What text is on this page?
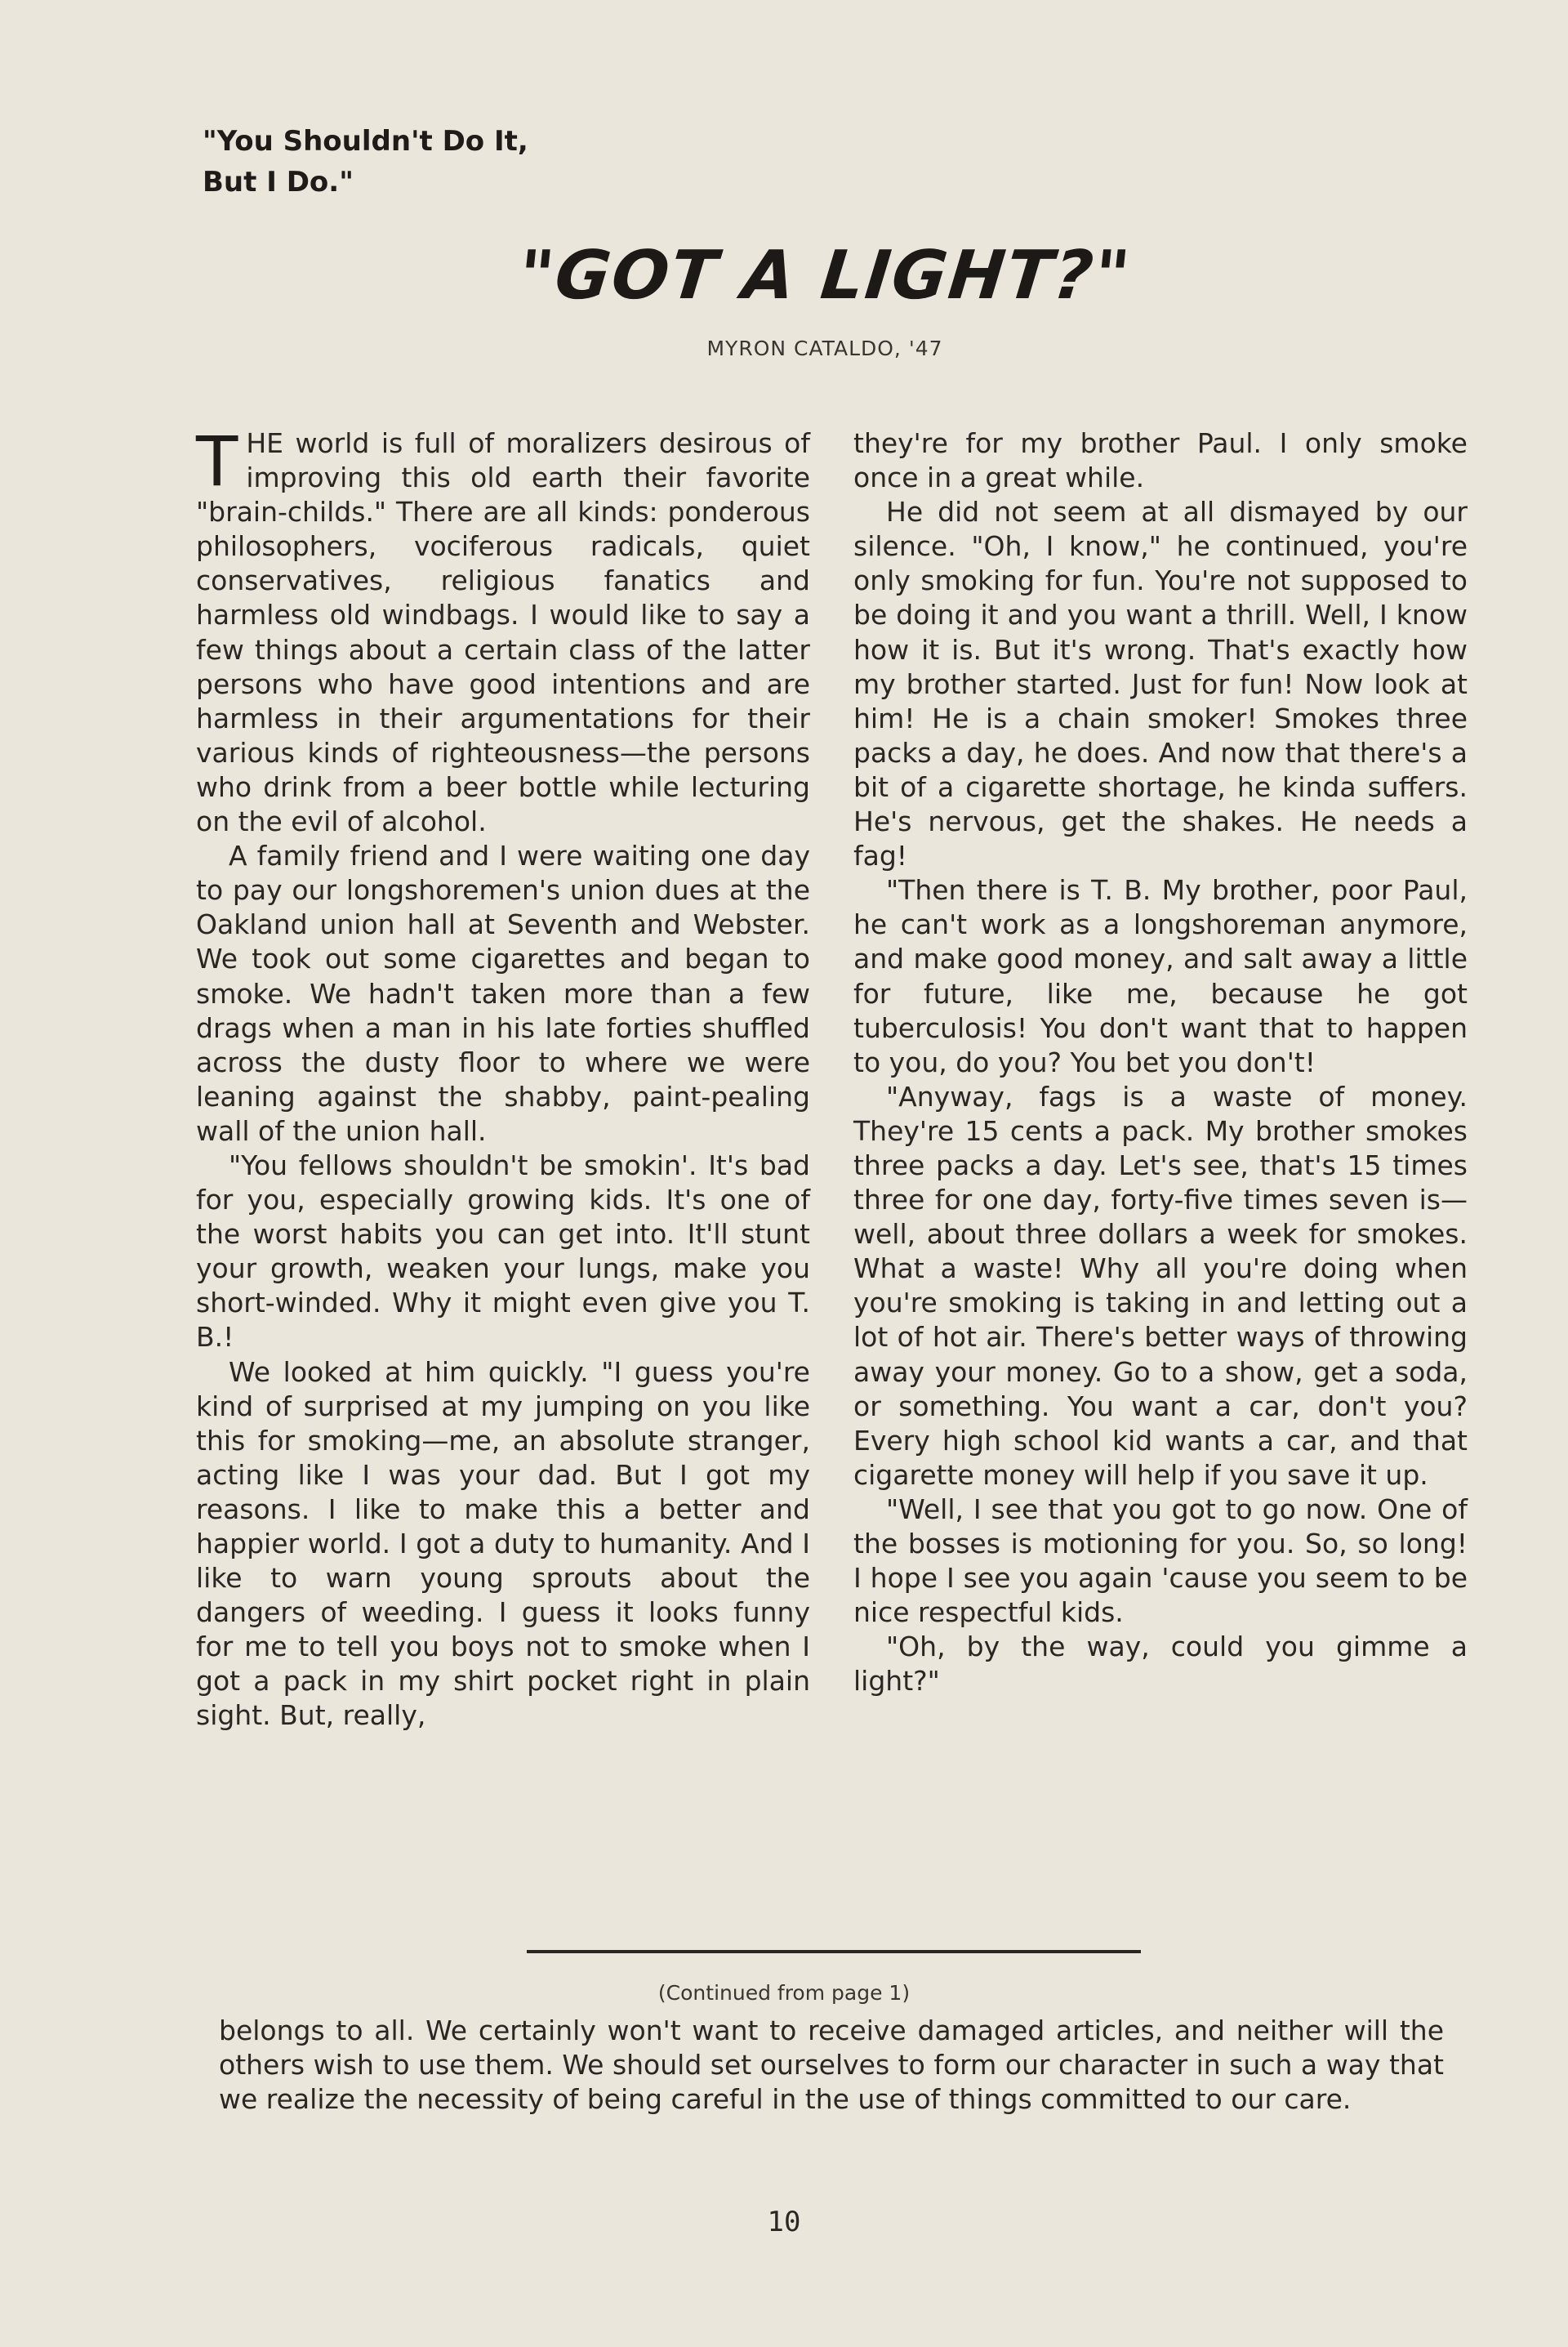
"You Shouldn't Do It,
But I Do."
"GOT A LIGHT?"
MYRON CATALDO, '47

THE world is full of moralizers desirous of improving this old earth their favorite "brain-childs." There are all kinds: ponderous philosophers, vociferous radicals, quiet conservatives, religious fanatics and harmless old windbags. I would like to say a few things about a certain class of the latter persons who have good intentions and are harmless in their argumentations for their various kinds of righteousness—the persons who drink from a beer bottle while lecturing on the evil of alcohol.

A family friend and I were waiting one day to pay our longshoremen's union dues at the Oakland union hall at Seventh and Webster. We took out some cigarettes and began to smoke. We hadn't taken more than a few drags when a man in his late forties shuffled across the dusty floor to where we were leaning against the shabby, paint-pealing wall of the union hall.

"You fellows shouldn't be smokin'. It's bad for you, especially growing kids. It's one of the worst habits you can get into. It'll stunt your growth, weaken your lungs, make you short-winded. Why it might even give you T. B.!

We looked at him quickly. "I guess you're kind of surprised at my jumping on you like this for smoking—me, an absolute stranger, acting like I was your dad. But I got my reasons. I like to make this a better and happier world. I got a duty to humanity. And I like to warn young sprouts about the dangers of weeding. I guess it looks funny for me to tell you boys not to smoke when I got a pack in my shirt pocket right in plain sight. But, really,

they're for my brother Paul. I only smoke once in a great while.

He did not seem at all dismayed by our silence. "Oh, I know," he continued, you're only smoking for fun. You're not supposed to be doing it and you want a thrill. Well, I know how it is. But it's wrong. That's exactly how my brother started. Just for fun! Now look at him! He is a chain smoker! Smokes three packs a day, he does. And now that there's a bit of a cigarette shortage, he kinda suffers. He's nervous, get the shakes. He needs a fag!

"Then there is T. B. My brother, poor Paul, he can't work as a longshoreman anymore, and make good money, and salt away a little for future, like me, because he got tuberculosis! You don't want that to happen to you, do you? You bet you don't!

"Anyway, fags is a waste of money. They're 15 cents a pack. My brother smokes three packs a day. Let's see, that's 15 times three for one day, forty-five times seven is—well, about three dollars a week for smokes. What a waste! Why all you're doing when you're smoking is taking in and letting out a lot of hot air. There's better ways of throwing away your money. Go to a show, get a soda, or something. You want a car, don't you? Every high school kid wants a car, and that cigarette money will help if you save it up.

"Well, I see that you got to go now. One of the bosses is motioning for you. So, so long! I hope I see you again 'cause you seem to be nice respectful kids.

"Oh, by the way, could you gimme a light?"

(Continued from page 1)

belongs to all. We certainly won't want to receive damaged articles, and neither will the others wish to use them. We should set ourselves to form our character in such a way that we realize the necessity of being careful in the use of things committed to our care.

10
